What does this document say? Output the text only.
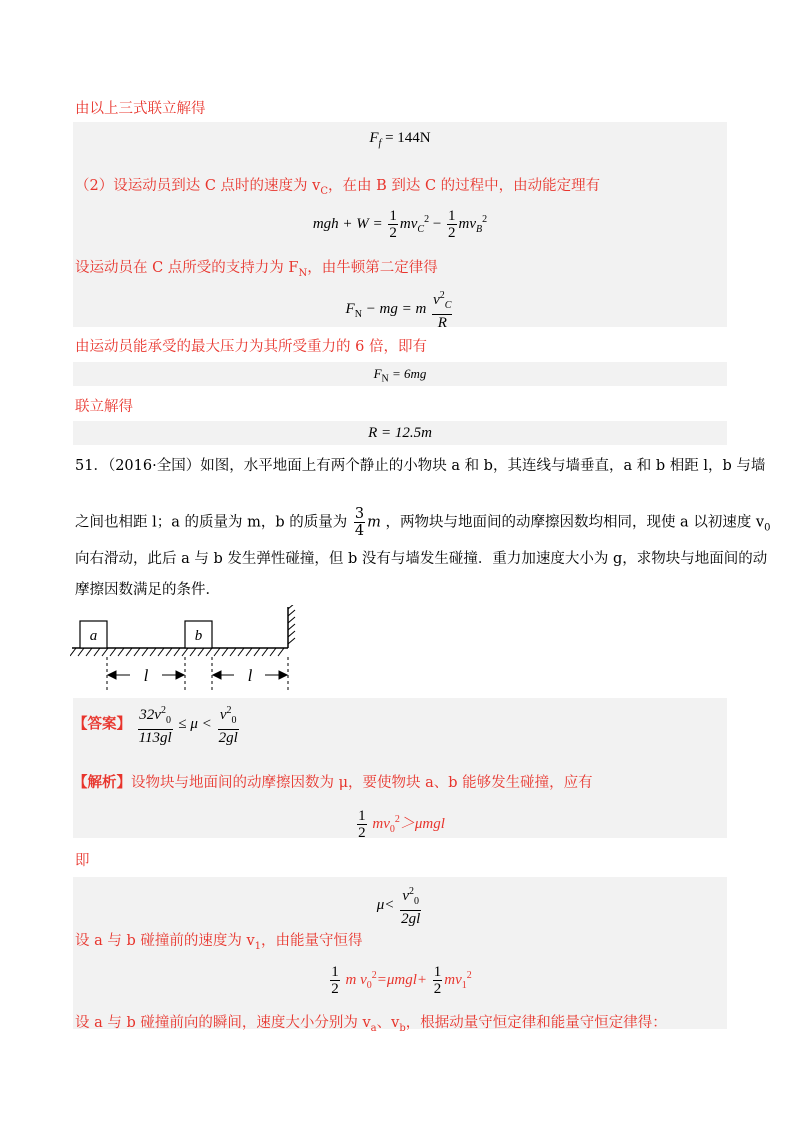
由以上三式联立解得
$F_f = 144N$
（2）设运动员到达 C 点时的速度为 $v_C$，在由 B 到达 C 的过程中，由动能定理有
mgh + $W = \frac{1}{2} mv_C^2 - \frac{1}{2} mv_B^2$
设运动员在 C 点所受的支持力为 $F_N$，由牛顿第二定律得
$F_N$ − mg = m $\frac{v^2_C}{R}$
由运动员能承受的最大压力为其所受重力的 6 倍，即有
$F_N = 6mg$
联立解得
R = 12.5m
51．（2016·全国）如图，水平地面上有两个静止的小物块 a 和 b，其连线与墙垂直，a 和 b 相距 l，b 与墙
之间也相距 l；a 的质量为 m，b 的质量为 $\frac{3}{4}$ m ，两物块与地面间的动摩擦因数均相同，现使 a 以初速度 $v_0$
向右滑动，此后 a 与 b 发生弹性碰撞，但 b 没有与墙发生碰撞．重力加速度大小为 g，求物块与地面间的动
摩擦因数满足的条件．
a	b
l	l
【答案】 $\frac{32v^2_0}{113gl} \le \mu < \frac{v^2_0}{2gl}$
【解析】设物块与地面间的动摩擦因数为 μ，要使物块 a、b 能够发生碰撞，应有
$\frac{1}{2} mv_0^2>\mu mgl$
即
$\mu< \frac{v^2_0}{2gl}$
设 a 与 b 碰撞前的速度为 $v_1$，由能量守恒得
$\frac{1}{2}$ m $v_0^2=\mu mgl+ \frac{1}{2} mv_1^2$
设 a 与 b 碰撞前向的瞬间，速度大小分别为 $v_a$、$v_b$，根据动量守恒定律和能量守恒定律得：
